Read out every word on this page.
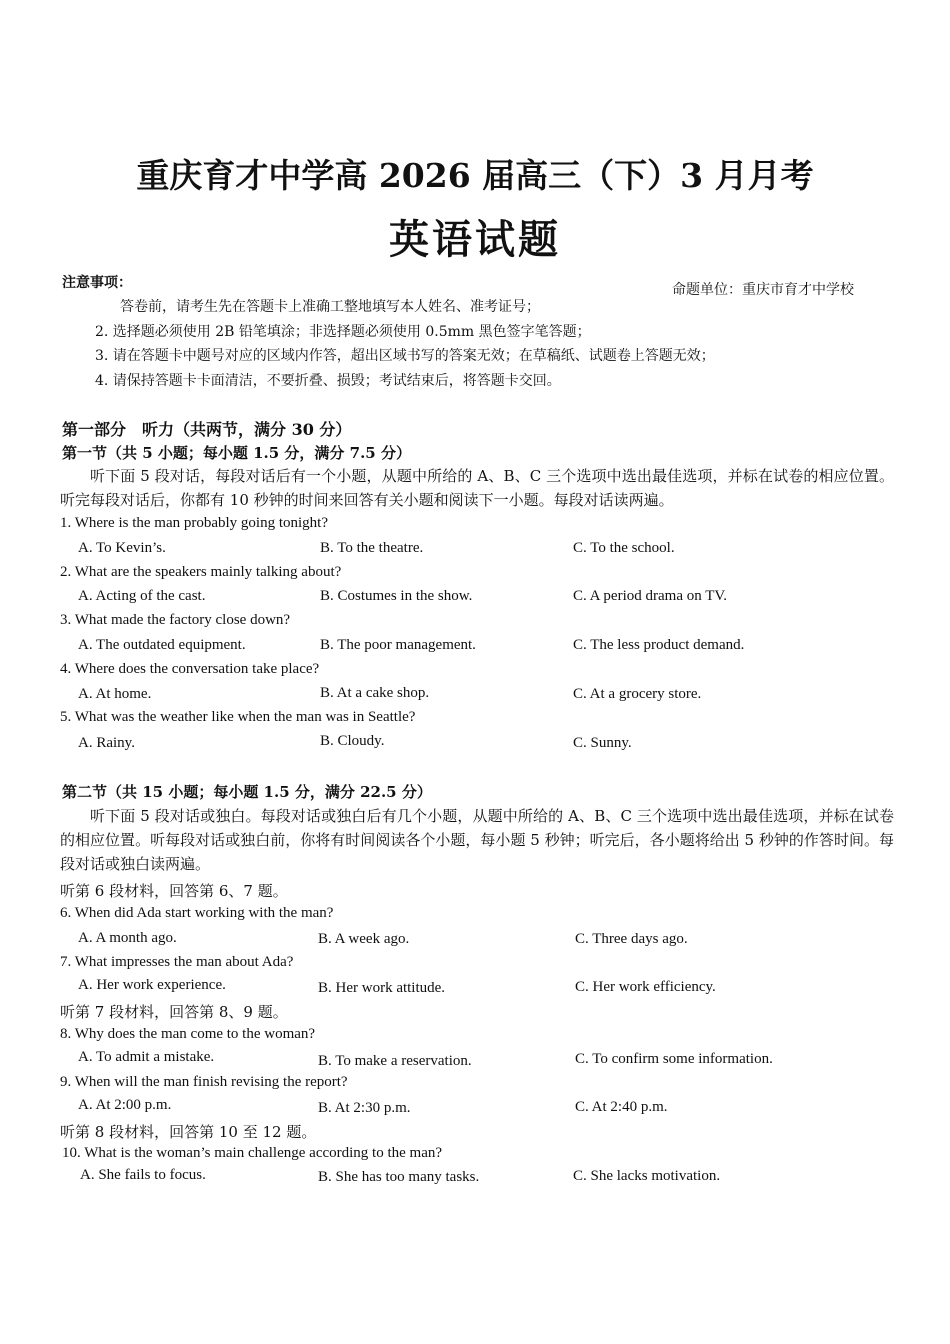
重庆育才中学高 2026 届高三（下）3 月月考
英语试题
注意事项：	命题单位：重庆市育才中学校
答卷前，请考生先在答题卡上准确工整地填写本人姓名、准考证号；
2. 选择题必须使用 2B 铅笔填涂；非选择题必须使用 0.5mm 黑色签字笔答题；
3. 请在答题卡中题号对应的区域内作答，超出区域书写的答案无效；在草稿纸、试题卷上答题无效；
4. 请保持答题卡卡面清洁，不要折叠、损毁；考试结束后，将答题卡交回。
第一部分　听力（共两节，满分 30 分）
第一节（共 5 小题；每小题 1.5 分，满分 7.5 分）
听下面 5 段对话，每段对话后有一个小题，从题中所给的 A、B、C 三个选项中选出最佳选项，并标在试卷的相应位置。听完每段对话后，你都有 10 秒钟的时间来回答有关小题和阅读下一小题。每段对话读两遍。
1. Where is the man probably going tonight?
A. To Kevin’s.	B. To the theatre.	C. To the school.
2. What are the speakers mainly talking about?
A. Acting of the cast.	B. Costumes in the show.	C. A period drama on TV.
3. What made the factory close down?
A. The outdated equipment.	B. The poor management.	C. The less product demand.
4. Where does the conversation take place?
A. At home.	B. At a cake shop.	C. At a grocery store.
5. What was the weather like when the man was in Seattle?
A. Rainy.	B. Cloudy.	C. Sunny.
第二节（共 15 小题；每小题 1.5 分，满分 22.5 分）
听下面 5 段对话或独白。每段对话或独白后有几个小题，从题中所给的 A、B、C 三个选项中选出最佳选项，并标在试卷的相应位置。听每段对话或独白前，你将有时间阅读各个小题，每小题 5 秒钟；听完后，各小题将给出 5 秒钟的作答时间。每段对话或独白读两遍。
听第 6 段材料，回答第 6、7 题。
6. When did Ada start working with the man?
A. A month ago.	B. A week ago.	C. Three days ago.
7. What impresses the man about Ada?
A. Her work experience.	B. Her work attitude.	C. Her work efficiency.
听第 7 段材料，回答第 8、9 题。
8. Why does the man come to the woman?
A. To admit a mistake.	B. To make a reservation.	C. To confirm some information.
9. When will the man finish revising the report?
A. At 2:00 p.m.	B. At 2:30 p.m.	C. At 2:40 p.m.
听第 8 段材料，回答第 10 至 12 题。
10. What is the woman’s main challenge according to the man?
A. She fails to focus.	B. She has too many tasks.	C. She lacks motivation.
